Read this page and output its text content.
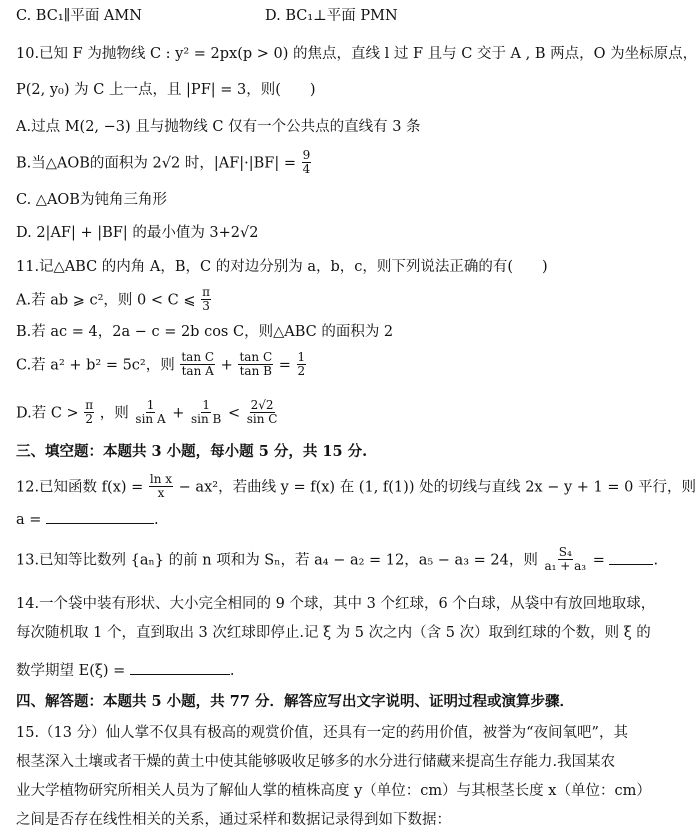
C. BC₁∥平面 AMN	D. BC₁⊥平面 PMN
10.已知 F 为抛物线 C : y² = 2px(p > 0) 的焦点，直线 l 过 F 且与 C 交于 A , B 两点，O 为坐标原点，
P(2, y₀) 为 C 上一点，且 |PF| = 3，则(　　)
A.过点 M(2, −3) 且与抛物线 C 仅有一个公共点的直线有 3 条
B.当△AOB的面积为 2√2 时，$|AF|\cdot|BF| = \frac{9}{4}$
C. △AOB为钝角三角形
D. 2|AF| + |BF| 的最小值为 3+2√2
11.记△ABC 的内角 A，B，C 的对边分别为 a，b，c，则下列说法正确的有(　　)
A.若 ab ⩾ c²，则 0 < C ⩽ $\frac{\pi}{3}$
B.若 ac = 4，2a − c = 2b cos C，则△ABC 的面积为 2
C.若 a² + b² = 5c²，则 $\frac{\text{tan C}}{\text{tan A}} + \frac{\text{tan C}}{\text{tan B}} = \frac{1}{2}$
D.若 $C > \frac{\pi}{2}$ ，则 $\frac{1}{\text{sin A}} + \frac{1}{\text{sin B}} < \frac{2√2}{\text{sin C}}$
三、填空题：本题共 3 小题，每小题 5 分，共 15 分.
12.已知函数 $f(x) = \frac{\text{ln x}}{x} - ax^2$，若曲线 y = f(x) 在 (1, f(1)) 处的切线与直线 2x − y + 1 = 0 平行，则
a =	.
13.已知等比数列 {aₙ} 的前 n 项和为 Sₙ，若 a₄ − a₂ = 12，a₅ − a₃ = 24，则 $\frac{\text{S₄}}{\text{a₁ + a₃}}$ =	.
14.一个袋中装有形状、大小完全相同的 9 个球，其中 3 个红球，6 个白球，从袋中有放回地取球，
每次随机取 1 个，直到取出 3 次红球即停止.记 ξ 为 5 次之内（含 5 次）取到红球的个数，则 ξ 的
数学期望 E(ξ) =	.
四、解答题：本题共 5 小题，共 77 分．解答应写出文字说明、证明过程或演算步骤．
15.（13 分）仙人掌不仅具有极高的观赏价值，还具有一定的药用价值，被誉为“夜间氧吧”，其
根茎深入土壤或者干燥的黄土中使其能够吸收足够多的水分进行储藏来提高生存能力.我国某农
业大学植物研究所相关人员为了解仙人掌的植株高度 y（单位：cm）与其根茎长度 x（单位：cm）
之间是否存在线性相关的关系，通过采样和数据记录得到如下数据：
